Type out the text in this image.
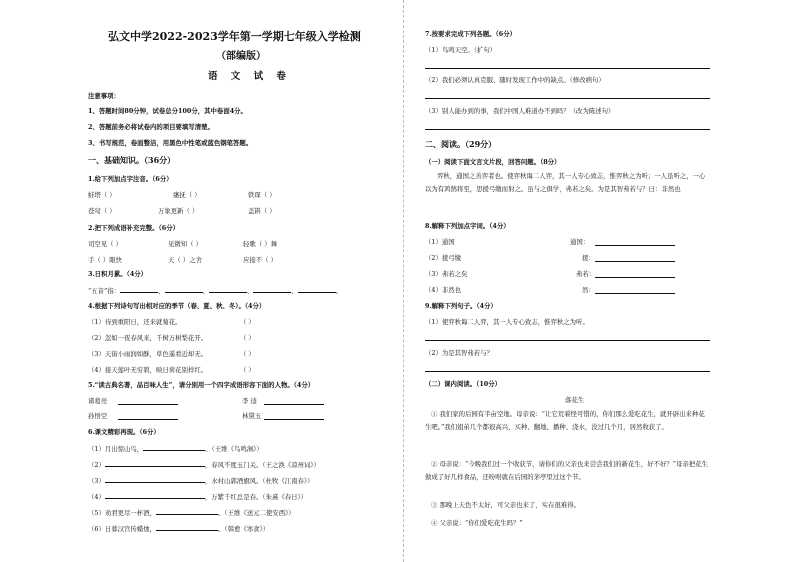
弘文中学2022-2023学年第一学期七年级入学检测
（部编版）
语 文 试 卷
注意事项：
1、答题时间80分钟，试卷总分100分，其中卷面4分。
2、答题前务必将试卷内的项目要填写清楚。
3、书写规范，卷面整洁，用黑色中性笔或蓝色钢笔答题。
一、基础知识。（36分）
1.给下列加点字注音。（6分）
蛙塔（ ）	瘙抚（ ）	铁琛（ ）
苍穹（ ）	万象更新（ ）	盖斟（ ）
2.把下列成语补充完整。（6分）
司空见（ ）	见微知（ ）	轻歌（ ）舞
手（ ）眼快	天（ ）之舍	应接不（ ）
3.日积月累。（4分）
“五音”指：	、	、	、	、	。
4.根据下列诗句写出相对应的季节（春、夏、秋、冬）。（4分）
（1）待到重阳日，还来就菊花。	（ ）
（2）忽如一夜春风来，千树万树梨花开。	（ ）
（3）天街小雨润如酥，草色遥看近却无。	（ ）
（4）接天莲叶无穷碧，映日荷花别样红。	（ ）
5.“读古典名著，品百味人生”，请分别用一个四字成语形容下面的人物。（4分）
诸葛亮	李 逵
孙悟空	林黛玉
6.课文精彩再现。（6分）
（1）月出惊山鸟，	。（王维《鸟鸣涧》）
（2）	，春风不度玉门关。（王之涣《凉州词》）
（3）	，水村山郭酒旗风。（杜牧《江南春》）
（4）	，万紫千红总是春。（朱熹《春日》）
（5）劝君更尽一杯酒，	。（王维《送元二使安西》）
（6）日暮汉宫传蜡烛，	。（韩愈《寒食》）
7.按要求完成下列各题。（6分）
（1）鸟鸣天空。（扩句）
（2）我们必须认真克服、随时发现工作中的缺点。（修改病句）
（3）别人能办到的事，我们中国人难道办不到吗？（改为陈述句）
二、阅读。（29分）
（一）阅读下面文言文片段，回答问题。（8分）
弈秋，通国之善弈者也。使弈秋诲二人弈，其一人专心致志，惟弈秋之为听；一人虽听之，一心以为有鸿鹄将至，思援弓缴而射之。虽与之俱学，弗若之矣。为是其智弗若与？曰：非然也
8.解释下列加点字词。（4分）
（1）通国	通国：
（2）援弓缴	援：
（3）弗若之矣	弗若：
（4）非然也	然：
9.解释下列句子。（4分）
（1）使弈秋诲二人弈，其一人专心致志，惟弈秋之为听。
（2）为是其智弗若与？
（二）课内阅读。（10分）
落花生
① 我们家的后园有半亩空地。母亲说：“让它荒着怪可惜的，你们那么爱吃花生，就开辟出来种花生吧。”我们姐弟几个都很高兴，买种、翻地、播种、浇水，没过几个月，居然收获了。
② 母亲说：“今晚我们过一个收获节，请你们的父亲也来尝尝我们的新花生，好不好？”母亲把花生做成了好几样食品，还吩咐就在后园的茅亭里过这个节。
③ 那晚上天色不太好，可父亲也来了，实在很难得。
④ 父亲说：“你们爱吃花生吗？”
